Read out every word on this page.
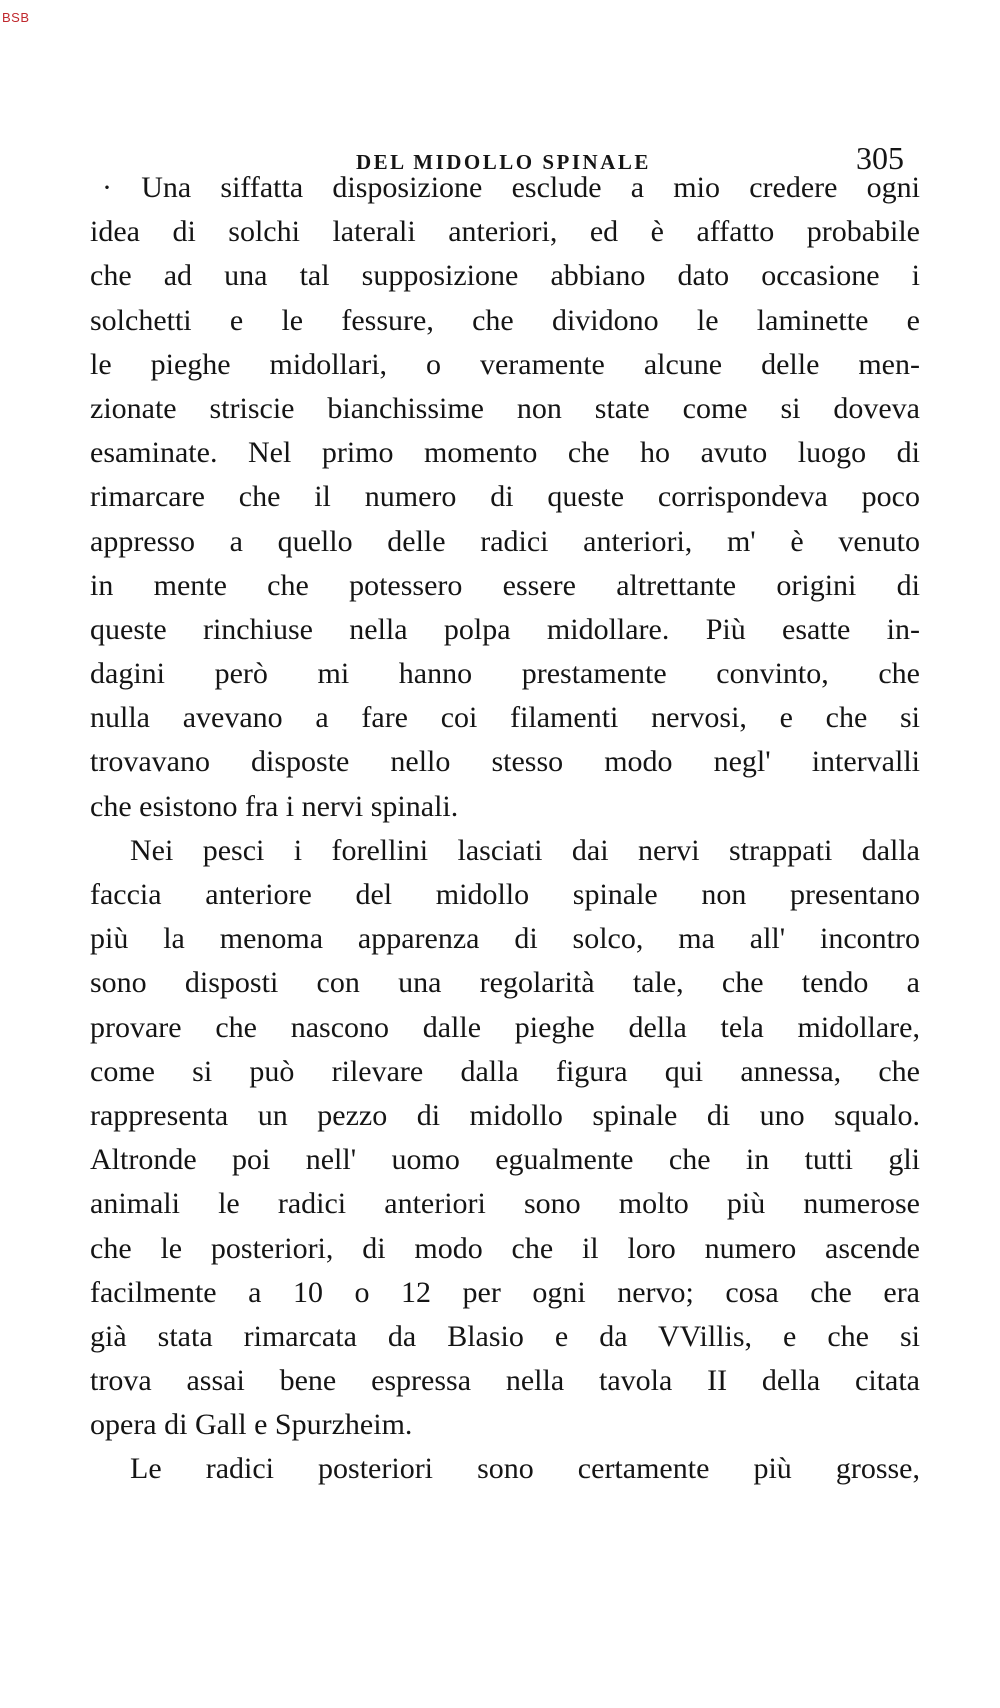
BSB
DEL MIDOLLO SPINALE	305
· Una siffatta disposizione esclude a mio credere ogni
idea di solchi laterali anteriori, ed è affatto probabile
che ad una tal supposizione abbiano dato occasione i
solchetti e le fessure, che dividono le laminette e
le pieghe midollari, o veramente alcune delle men-
zionate striscie bianchissime non state come si doveva
esaminate. Nel primo momento che ho avuto luogo di
rimarcare che il numero di queste corrispondeva poco
appresso a quello delle radici anteriori, m' è venuto
in mente che potessero essere altrettante origini di
queste rinchiuse nella polpa midollare. Più esatte in-
dagini però mi hanno prestamente convinto, che
nulla avevano a fare coi filamenti nervosi, e che si
trovavano disposte nello stesso modo negl' intervalli
che esistono fra i nervi spinali.
Nei pesci i forellini lasciati dai nervi strappati dalla
faccia anteriore del midollo spinale non presentano
più la menoma apparenza di solco, ma all' incontro
sono disposti con una regolarità tale, che tendo a
provare che nascono dalle pieghe della tela midollare,
come si può rilevare dalla figura qui annessa, che
rappresenta un pezzo di midollo spinale di uno squalo.
Altronde poi nell' uomo egualmente che in tutti gli
animali le radici anteriori sono molto più numerose
che le posteriori, di modo che il loro numero ascende
facilmente a 10 o 12 per ogni nervo; cosa che era
già stata rimarcata da Blasio e da VVillis, e che si
trova assai bene espressa nella tavola II della citata
opera di Gall e Spurzheim.
Le radici posteriori sono certamente più grosse,
